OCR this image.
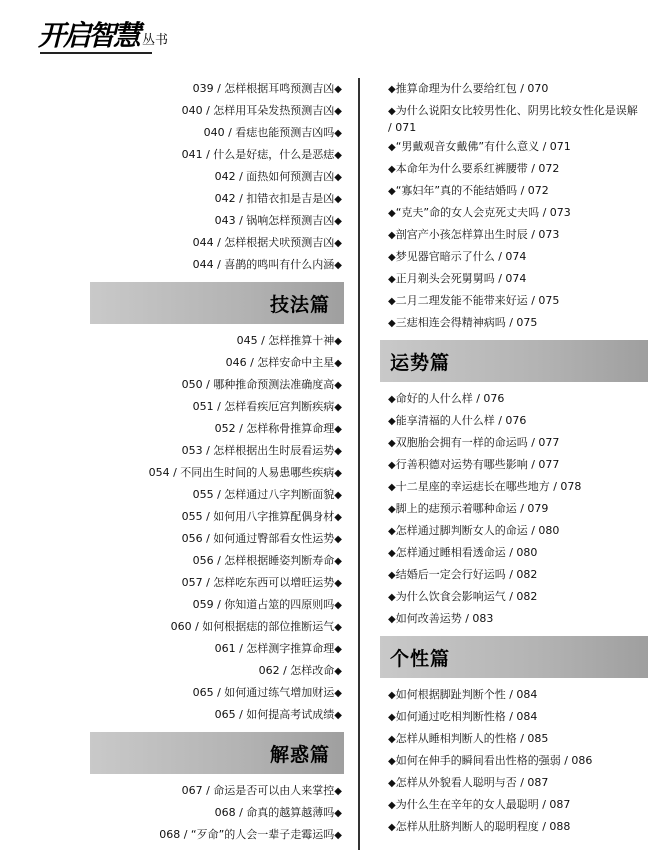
开启智慧 丛书
039 / 怎样根据耳鸣预测吉凶◆
040 / 怎样用耳朵发热预测吉凶◆
040 / 看痣也能预测吉凶吗◆
041 / 什么是好痣，什么是恶痣◆
042 / 面热如何预测吉凶◆
042 / 扣错衣扣是吉是凶◆
043 / 锅响怎样预测吉凶◆
044 / 怎样根据犬吠预测吉凶◆
044 / 喜鹊的鸣叫有什么内涵◆
技法篇
045 / 怎样推算十神◆
046 / 怎样安命中主星◆
050 / 哪种推命预测法准确度高◆
051 / 怎样看疾厄宫判断疾病◆
052 / 怎样称骨推算命理◆
053 / 怎样根据出生时辰看运势◆
054 / 不同出生时间的人易患哪些疾病◆
055 / 怎样通过八字判断面貌◆
055 / 如何用八字推算配偶身材◆
056 / 如何通过臀部看女性运势◆
056 / 怎样根据睡姿判断寿命◆
057 / 怎样吃东西可以增旺运势◆
059 / 你知道占筮的四原则吗◆
060 / 如何根据痣的部位推断运气◆
061 / 怎样测字推算命理◆
062 / 怎样改命◆
065 / 如何通过练气增加财运◆
065 / 如何提高考试成绩◆
解惑篇
067 / 命运是否可以由人来掌控◆
068 / 命真的越算越薄吗◆
068 / “歹命”的人会一辈子走霉运吗◆
◆推算命理为什么要给红包 / 070
◆为什么说阳女比较男性化、阴男比较女性化是误解 / 071
◆“男戴观音女戴佛”有什么意义 / 071
◆本命年为什么要系红裤腰带 / 072
◆“寡妇年”真的不能结婚吗 / 072
◆“克夫”命的女人会克死丈夫吗 / 073
◆剖宫产小孩怎样算出生时辰 / 073
◆梦见器官暗示了什么 / 074
◆正月剃头会死舅舅吗 / 074
◆二月二理发能不能带来好运 / 075
◆三痣相连会得精神病吗 / 075
运势篇
◆命好的人什么样 / 076
◆能享清福的人什么样 / 076
◆双胞胎会拥有一样的命运吗 / 077
◆行善积德对运势有哪些影响 / 077
◆十二星座的幸运痣长在哪些地方 / 078
◆脚上的痣预示着哪种命运 / 079
◆怎样通过脚判断女人的命运 / 080
◆怎样通过睡相看透命运 / 080
◆结婚后一定会行好运吗 / 082
◆为什么饮食会影响运气 / 082
◆如何改善运势 / 083
个性篇
◆如何根据脚趾判断个性 / 084
◆如何通过吃相判断性格 / 084
◆怎样从睡相判断人的性格 / 085
◆如何在伸手的瞬间看出性格的强弱 / 086
◆怎样从外貌看人聪明与否 / 087
◆为什么生在辛年的女人最聪明 / 087
◆怎样从肚脐判断人的聪明程度 / 088
